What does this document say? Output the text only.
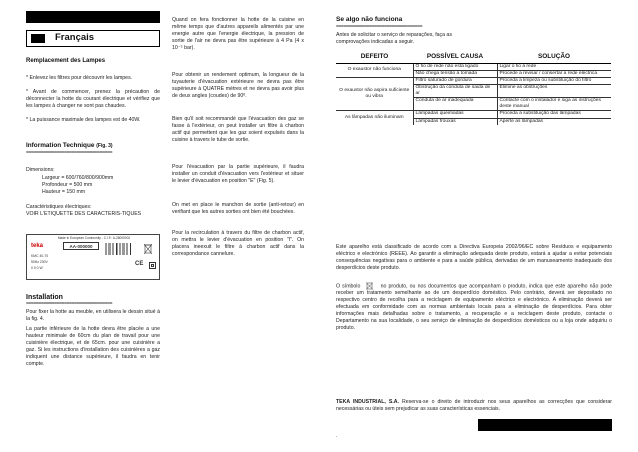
Français
Remplacement des Lampes
* Enlevez les filtres pour découvrir les lampes.
* Avant de commencer, prenez la précaution de déconnecter la hotte du courant électrique et vérifiez que les lampes à changer ne sont pas chaudes.
* La puissance maximale des lampes est de 40W.
Information Technique (Fig. 3)
==================================
Dimensions:
Largeur = 600/760/800/900mm
Profondeur = 500 mm
Hauteur = 150 mm
Caractéristiques électriques:
VOIR L'ETIQUETTE DES CARACTERIS-TIQUES
Made in European Community - C.I.F.: A-28000002
teka	AA-000000
KMC 40-70
50Hz 230V
0 0 0 W
CE
Installation
==================================
Pour fixer la hotte au meuble, en utilisera le dessin situé à la fig. 4.
La partie inférieure de la hotte devra être placée a une hauteur minimale de 60cm du plan de travail pour une cuisinière électrique, et de 65cm. pour une cuisinière a gaz. Si les instructions d'installation des cuisinières a gaz indiquent une distance supérieure, il faudra en tenir compte.
Quand on fera fonctionner la hotte de la cuisine en même temps que d'autres appareils alimentés par une energie autre que l'energie électrique, la pression de sortie de l'air ne devra pas être supérieure à 4 Pa (4 x 10⁻⁵ bar).
Pour obtenir un rendement optimum, la longueur de la tuyauterie d'évacuation extérieure ne devra pas être supérieure à QUATRE mètres et ne devra pas avoir plus de deux angles (coudes) de 90º.
Bien qu'il soit recommandé que l'évacuation des gaz se fasse à l'extérieur, on peut installer un filtre à charbon actif qui permettent que les gaz soient expulsés dans la cuisine à travers le tube de sortie.
Pour l'évacuation par la partie supérieure, il faudra installer un conduit d'évacuation vers l'extérieur et situer le levier d'évacuation en position "E" (Fig. 5).
On met en place le manchon de sortie (anti-retour) en verifiant que les autres sorties ont bien été bouchées.
Pour la recirculation à travers du filtre de charbon actif, on mettra le levier d'évacuation en position "I". On placera ineexuit le filtre à charbon actif dans la correspondance cannelure.
Se algo não funciona
==================================
Antes de solicitar o serviço de reparações, faça as comprovações indicadas a seguir.
DEFEITO	POSSÍVEL CAUSA	SOLUÇÃO
O exaustor não funciona	O fio de rede não está ligado	Ligar o fio à rede
	Não chega tensão à tomada	Procede a revisar / consertar a rede eléctrica
O exaustor não aspira suficiente ou vibra	Filtro saturado de gordura	Proceda a limpeza ou substituição do filtro
	Obstrução da conduta de saida de ar	Elimine as obstruções
	Conduta de ar inadequada	Contacte com o instalador e siga as instruções deste manual
As lâmpadas não iluminam	Lâmpadas queimadas	Proceda à substituição das lâmpadas
	Lâmpadas frouxas	Aperte as lâmpadas
Este aparelho está classificado de acordo com a Directiva Europeia 2002/96/EC sobre Resíduos e equipamento eléctrico e electrónico (REEE). Ao garantir a eliminação adequada deste produto, estará a ajudar a evitar potenciais consequências negativas para o ambiente e para a saúde pública, derivadas de um manuseamento inadequado dos desperdícios deste produto.
O símbolo	no produto, ou nos documentos que acompanham o produto, indica que este aparelho não pode receber um tratamento semelhante ao de um desperdício doméstico. Pelo contrário, deverá ser depositado no respectivo centro de recolha para a reciclagem de equipamento eléctrico e electrónico. A eliminação deverá ser efectuada em conformidade com as normas ambientais locais para a eliminação de desperdícios. Para obter informações mais detalhadas sobre o tratamento, a recuperação e a reciclagem deste produto, contacte o Departamento na sua localidade, o seu serviço de eliminação de desperdícios domésticos ou a loja onde adquiriu o produto.
TEKA INDUSTRIAL, S.A. Reserva-se o direito de introduzir nos seus aparelhos as correcções que considerar necessárias ou úteis sem prejudicar as suas características essenciais.
.
